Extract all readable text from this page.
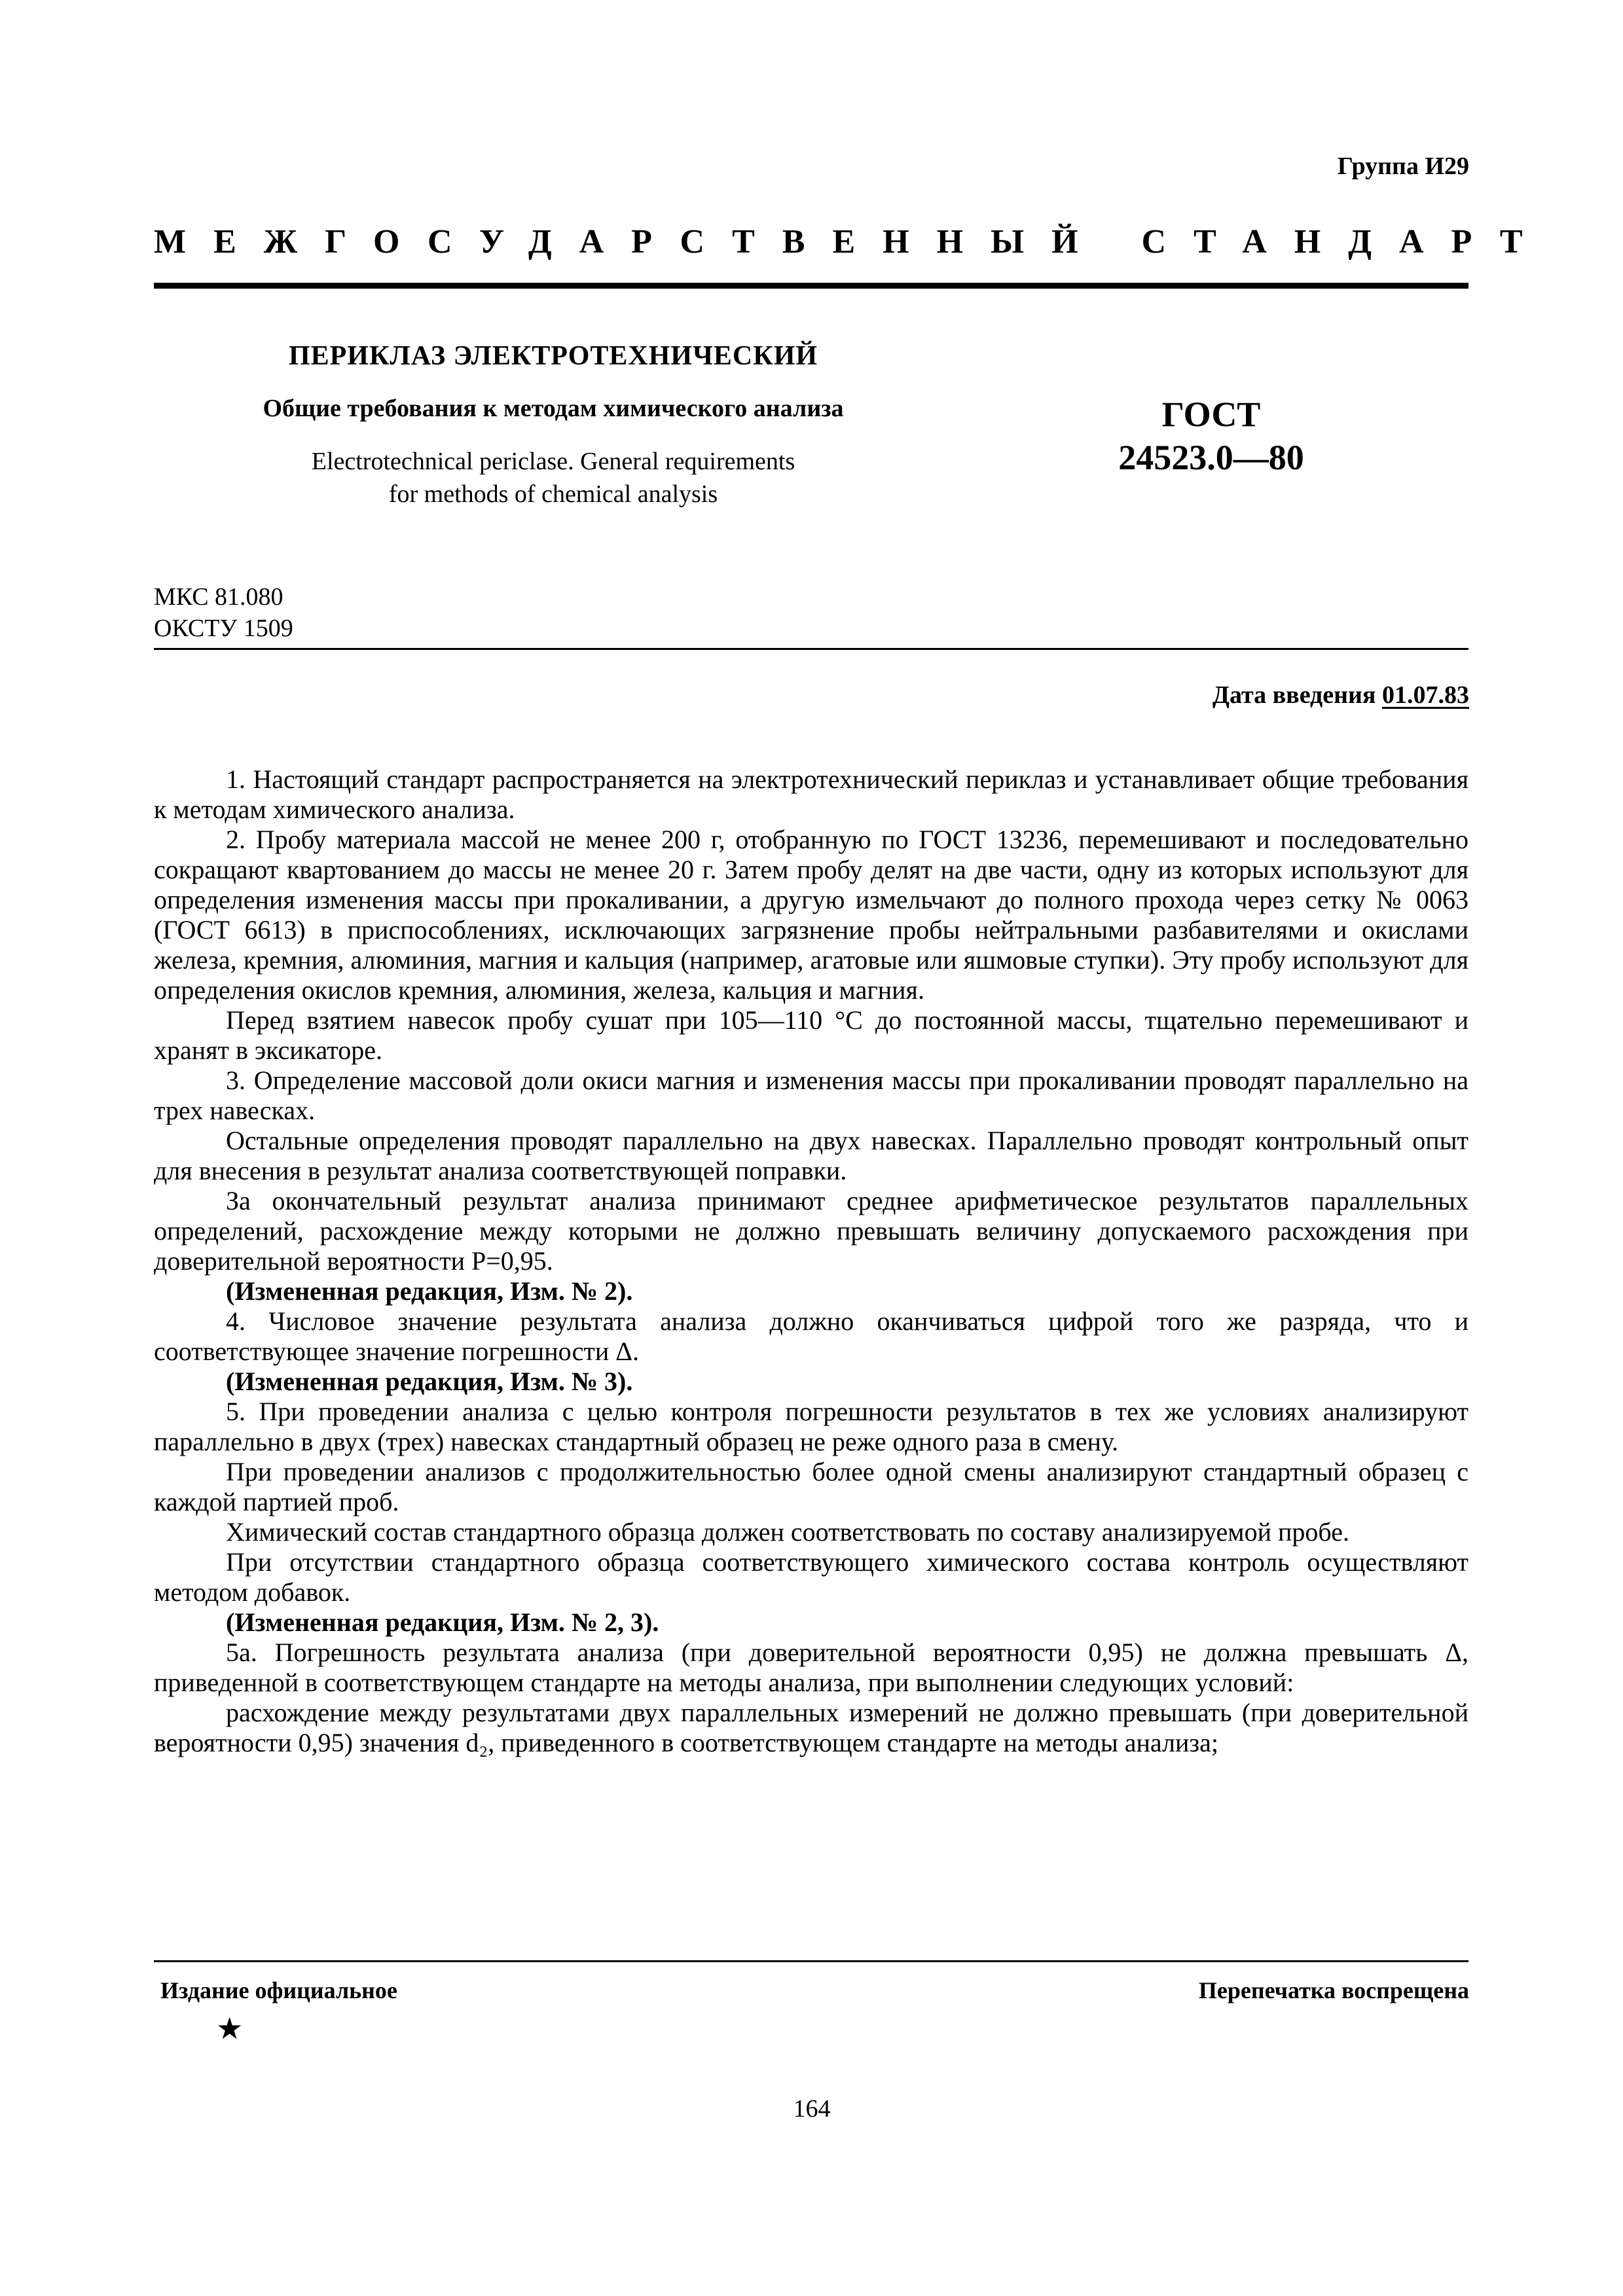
Группа И29
МЕЖГОСУДАРСТВЕННЫЙ СТАНДАРТ
ПЕРИКЛАЗ ЭЛЕКТРОТЕХНИЧЕСКИЙ
Общие требования к методам химического анализа
Electrotechnical periclase. General requirements
for methods of chemical analysis
ГОСТ
24523.0—80
МКС 81.080
ОКСТУ 1509
Дата введения 01.07.83

1. Настоящий стандарт распространяется на электротехнический периклаз и устанавливает общие требования к методам химического анализа.

2. Пробу материала массой не менее 200 г, отобранную по ГОСТ 13236, перемешивают и последовательно сокращают квартованием до массы не менее 20 г. Затем пробу делят на две части, одну из которых используют для определения изменения массы при прокаливании, а другую измельчают до полного прохода через сетку № 0063 (ГОСТ 6613) в приспособлениях, исключающих загрязнение пробы нейтральными разбавителями и окислами железа, кремния, алюминия, магния и кальция (например, агатовые или яшмовые ступки). Эту пробу используют для определения окислов кремния, алюминия, железа, кальция и магния.

Перед взятием навесок пробу сушат при 105—110 °С до постоянной массы, тщательно перемешивают и хранят в эксикаторе.

3. Определение массовой доли окиси магния и изменения массы при прокаливании проводят параллельно на трех навесках.

Остальные определения проводят параллельно на двух навесках. Параллельно проводят контрольный опыт для внесения в результат анализа соответствующей поправки.

За окончательный результат анализа принимают среднее арифметическое результатов параллельных определений, расхождение между которыми не должно превышать величину допускаемого расхождения при доверительной вероятности Р=0,95.

(Измененная редакция, Изм. № 2).

4. Числовое значение результата анализа должно оканчиваться цифрой того же разряда, что и соответствующее значение погрешности Δ.

(Измененная редакция, Изм. № 3).

5. При проведении анализа с целью контроля погрешности результатов в тех же условиях анализируют параллельно в двух (трех) навесках стандартный образец не реже одного раза в смену.

При проведении анализов с продолжительностью более одной смены анализируют стандартный образец с каждой партией проб.

Химический состав стандартного образца должен соответствовать по составу анализируемой пробе.

При отсутствии стандартного образца соответствующего химического состава контроль осуществляют методом добавок.

(Измененная редакция, Изм. № 2, 3).

5а. Погрешность результата анализа (при доверительной вероятности 0,95) не должна превышать Δ, приведенной в соответствующем стандарте на методы анализа, при выполнении следующих условий:

расхождение между результатами двух параллельных измерений не должно превышать (при доверительной вероятности 0,95) значения d₂, приведенного в соответствующем стандарте на методы анализа;

Издание официальное	Перепечатка воспрещена
★
164
